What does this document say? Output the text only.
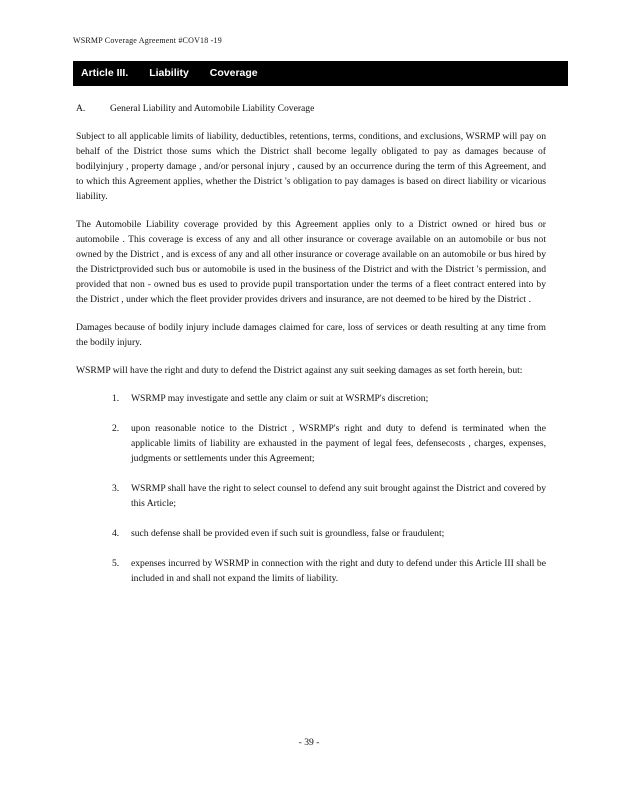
WSRMP Coverage Agreement #COV18 -19
Article III. Liability Coverage
A.	General Liability and Automobile Liability Coverage

Subject to all applicable limits of liability, deductibles, retentions, terms, conditions, and exclusions, WSRMP will pay on behalf of the District those sums which the District shall become legally obligated to pay as damages because of bodilyinjury , property damage , and/or personal injury , caused by an occurrence during the term of this Agreement, and to which this Agreement applies, whether the District 's obligation to pay damages is based on direct liability or vicarious liability.

The Automobile Liability coverage provided by this Agreement applies only to a District owned or hired bus or automobile . This coverage is excess of any and all other insurance or coverage available on an automobile or bus not owned by the District , and is excess of any and all other insurance or coverage available on an automobile or bus hired by the Districtprovided such bus or automobile is used in the business of the District and with the District 's permission, and provided that non - owned bus es used to provide pupil transportation under the terms of a fleet contract entered into by the District , under which the fleet provider provides drivers and insurance, are not deemed to be hired by the District .

Damages because of bodily injury include damages claimed for care, loss of services or death resulting at any time from the bodily injury.

WSRMP will have the right and duty to defend the District against any suit seeking damages as set forth herein, but:

1. WSRMP may investigate and settle any claim or suit at WSRMP's discretion;
2. upon reasonable notice to the District , WSRMP's right and duty to defend is terminated when the applicable limits of liability are exhausted in the payment of legal fees, defensecosts , charges, expenses, judgments or settlements under this Agreement;
3. WSRMP shall have the right to select counsel to defend any suit brought against the District and covered by this Article;
4. such defense shall be provided even if such suit is groundless, false or fraudulent;
5. expenses incurred by WSRMP in connection with the right and duty to defend under this Article III shall be included in and shall not expand the limits of liability.
- 39 -
